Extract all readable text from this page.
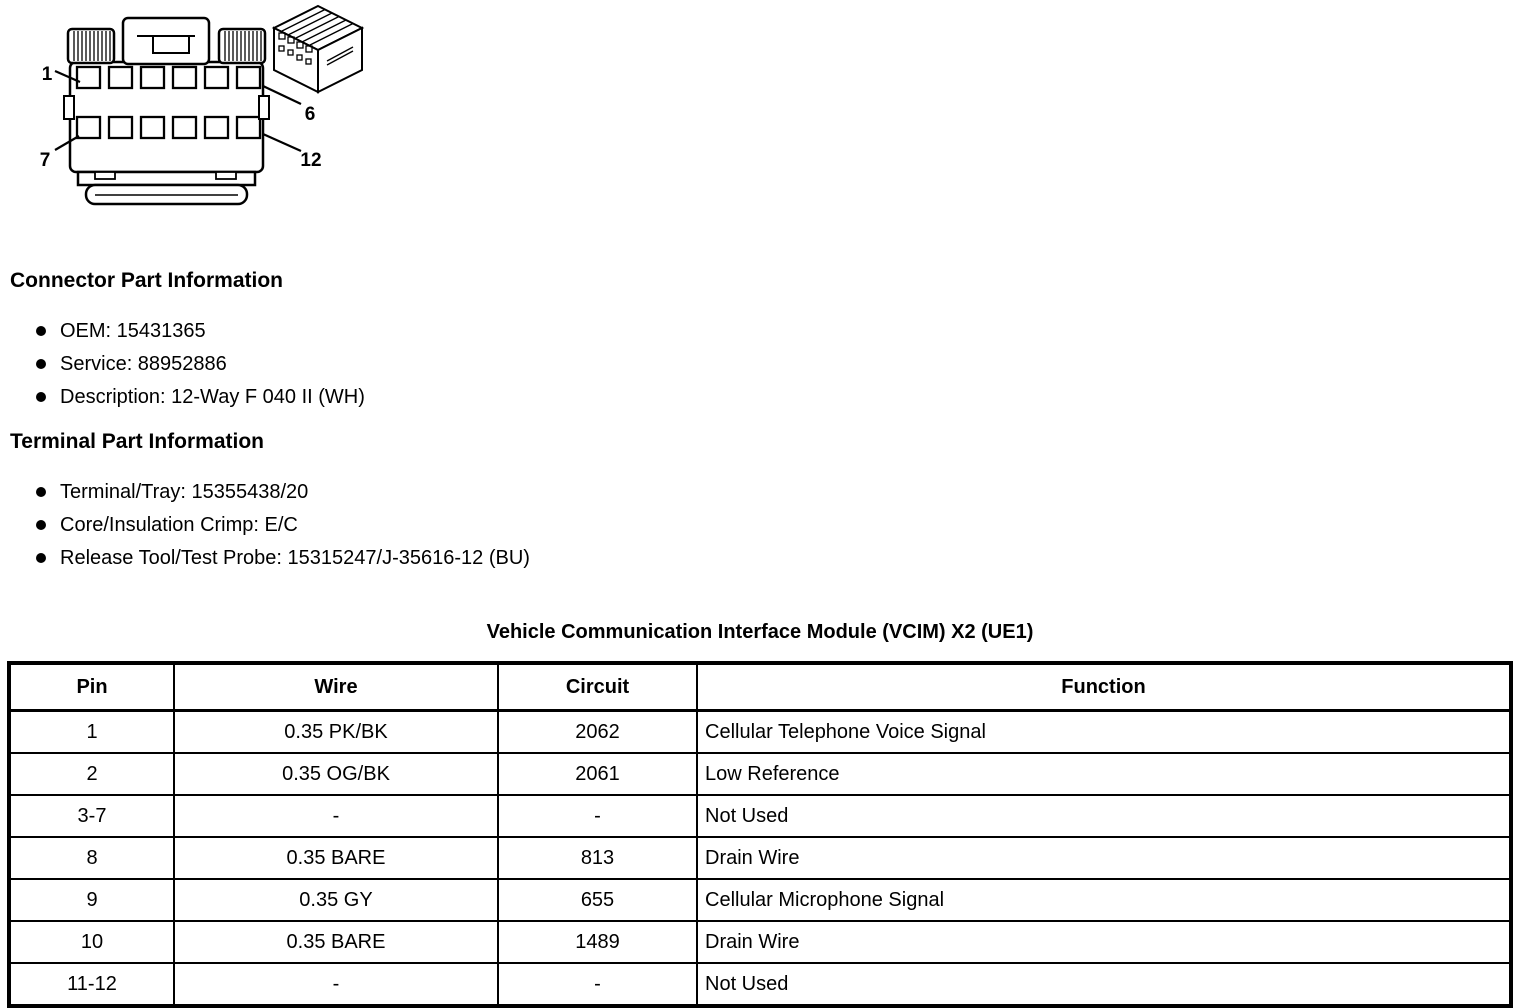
1
6
7	12
Connector Part Information
OEM: 15431365
Service: 88952886
Description: 12-Way F 040 II (WH)
Terminal Part Information
Terminal/Tray: 15355438/20
Core/Insulation Crimp: E/C
Release Tool/Test Probe: 15315247/J-35616-12 (BU)
Vehicle Communication Interface Module (VCIM) X2 (UE1)
Pin	Wire	Circuit	Function
1	0.35 PK/BK	2062	Cellular Telephone Voice Signal
2	0.35 OG/BK	2061	Low Reference
3-7	-	-	Not Used
8	0.35 BARE	813	Drain Wire
9	0.35 GY	655	Cellular Microphone Signal
10	0.35 BARE	1489	Drain Wire
11-12	-	-	Not Used
